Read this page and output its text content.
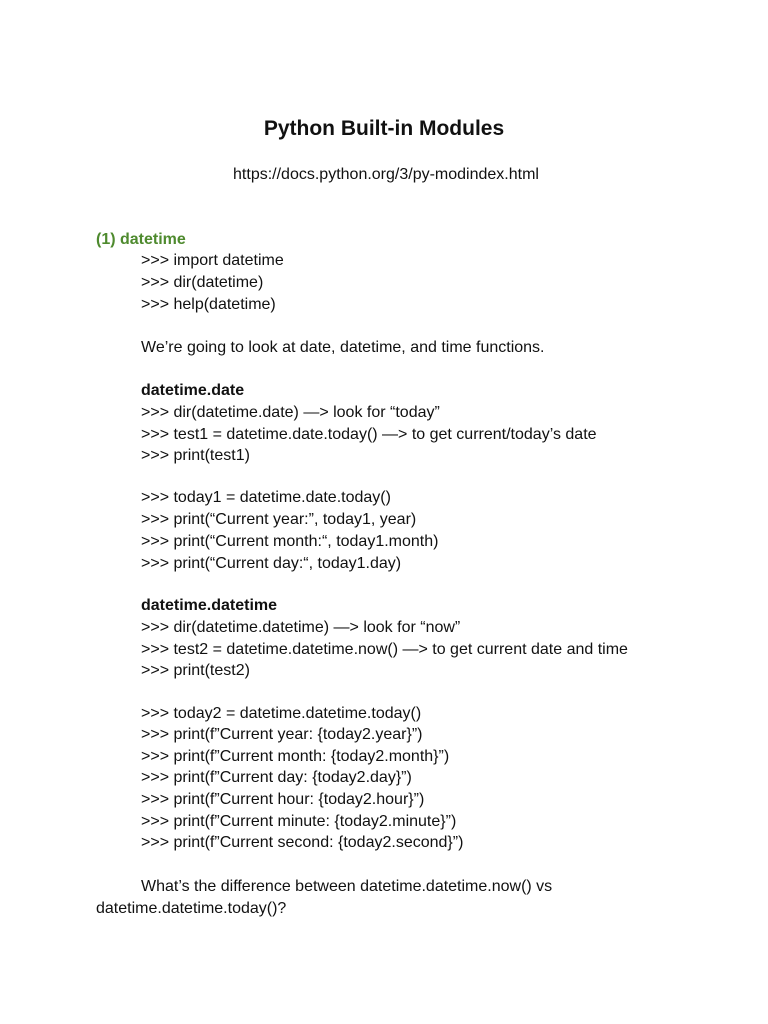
Python Built-in Modules
https://docs.python.org/3/py-modindex.html
(1) datetime
>>> import datetime
>>> dir(datetime)
>>> help(datetime)
We’re going to look at date, datetime, and time functions.
datetime.date
>>> dir(datetime.date) —> look for “today”
>>> test1 = datetime.date.today() —> to get current/today’s date
>>> print(test1)
>>> today1 = datetime.date.today()
>>> print(“Current year:”, today1, year)
>>> print(“Current month:“, today1.month)
>>> print(“Current day:“, today1.day)
datetime.datetime
>>> dir(datetime.datetime) —> look for “now”
>>> test2 = datetime.datetime.now() —> to get current date and time
>>> print(test2)
>>> today2 = datetime.datetime.today()
>>> print(f”Current year: {today2.year}”)
>>> print(f”Current month: {today2.month}”)
>>> print(f”Current day: {today2.day}”)
>>> print(f”Current hour: {today2.hour}”)
>>> print(f”Current minute: {today2.minute}”)
>>> print(f”Current second: {today2.second}”)
What’s the difference between datetime.datetime.now() vs
datetime.datetime.today()?
